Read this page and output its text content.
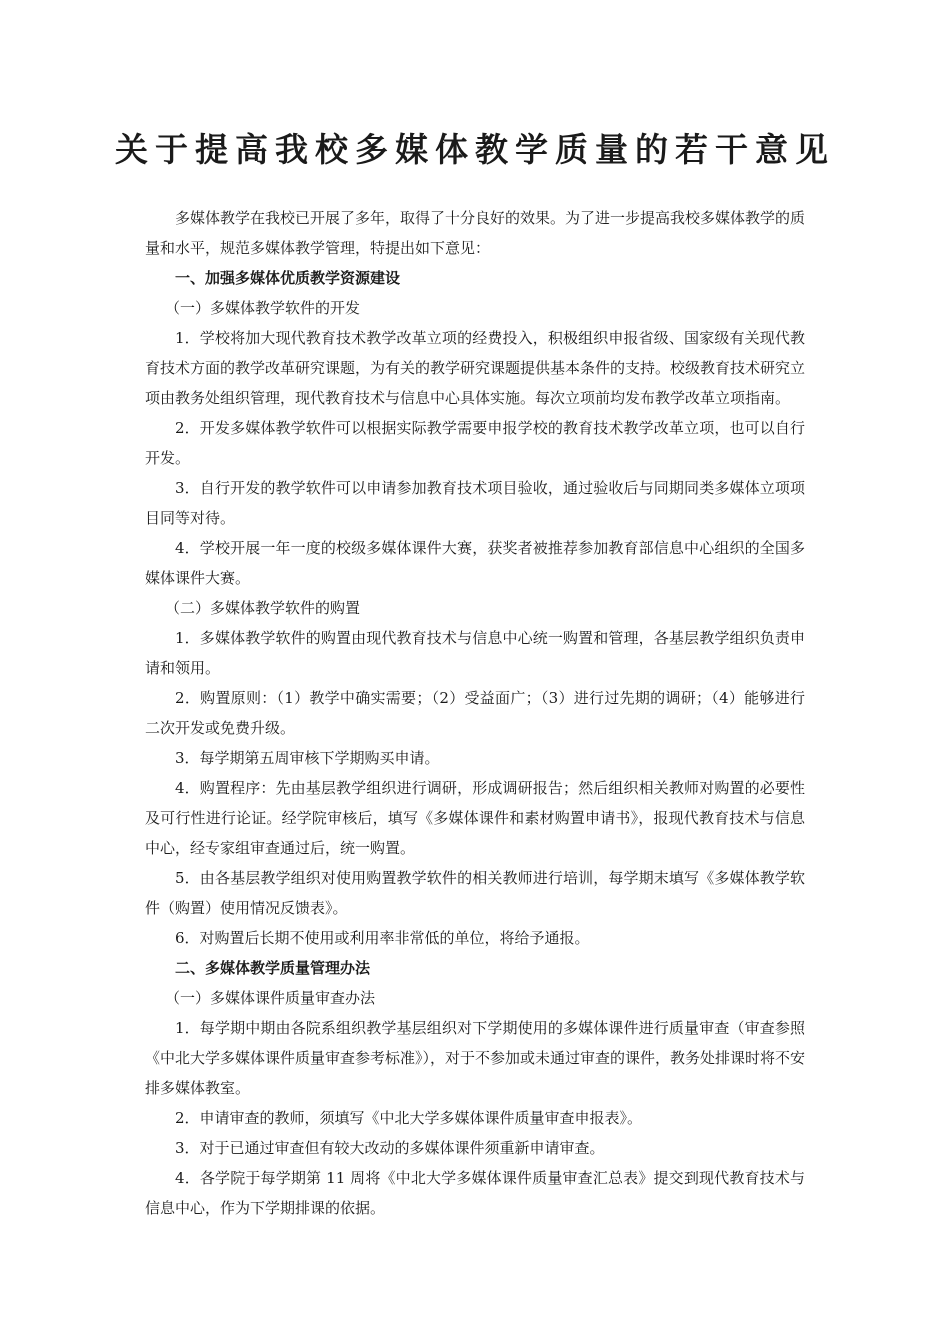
关于提高我校多媒体教学质量的若干意见

多媒体教学在我校已开展了多年，取得了十分良好的效果。为了进一步提高我校多媒体教学的质量和水平，规范多媒体教学管理，特提出如下意见：

一、加强多媒体优质教学资源建设

（一）多媒体教学软件的开发

1．学校将加大现代教育技术教学改革立项的经费投入，积极组织申报省级、国家级有关现代教育技术方面的教学改革研究课题，为有关的教学研究课题提供基本条件的支持。校级教育技术研究立项由教务处组织管理，现代教育技术与信息中心具体实施。每次立项前均发布教学改革立项指南。

2．开发多媒体教学软件可以根据实际教学需要申报学校的教育技术教学改革立项，也可以自行开发。

3．自行开发的教学软件可以申请参加教育技术项目验收，通过验收后与同期同类多媒体立项项目同等对待。

4．学校开展一年一度的校级多媒体课件大赛，获奖者被推荐参加教育部信息中心组织的全国多媒体课件大赛。

（二）多媒体教学软件的购置

1．多媒体教学软件的购置由现代教育技术与信息中心统一购置和管理，各基层教学组织负责申请和领用。

2．购置原则：（1）教学中确实需要；（2）受益面广；（3）进行过先期的调研；（4）能够进行二次开发或免费升级。

3．每学期第五周审核下学期购买申请。

4．购置程序：先由基层教学组织进行调研，形成调研报告；然后组织相关教师对购置的必要性及可行性进行论证。经学院审核后，填写《多媒体课件和素材购置申请书》，报现代教育技术与信息中心，经专家组审查通过后，统一购置。

5．由各基层教学组织对使用购置教学软件的相关教师进行培训，每学期末填写《多媒体教学软件（购置）使用情况反馈表》。

6．对购置后长期不使用或利用率非常低的单位，将给予通报。

二、多媒体教学质量管理办法

（一）多媒体课件质量审查办法

1．每学期中期由各院系组织教学基层组织对下学期使用的多媒体课件进行质量审查（审查参照《中北大学多媒体课件质量审查参考标准》），对于不参加或未通过审查的课件，教务处排课时将不安排多媒体教室。

2．申请审查的教师，须填写《中北大学多媒体课件质量审查申报表》。

3．对于已通过审查但有较大改动的多媒体课件须重新申请审查。

4．各学院于每学期第 11 周将《中北大学多媒体课件质量审查汇总表》提交到现代教育技术与信息中心，作为下学期排课的依据。
